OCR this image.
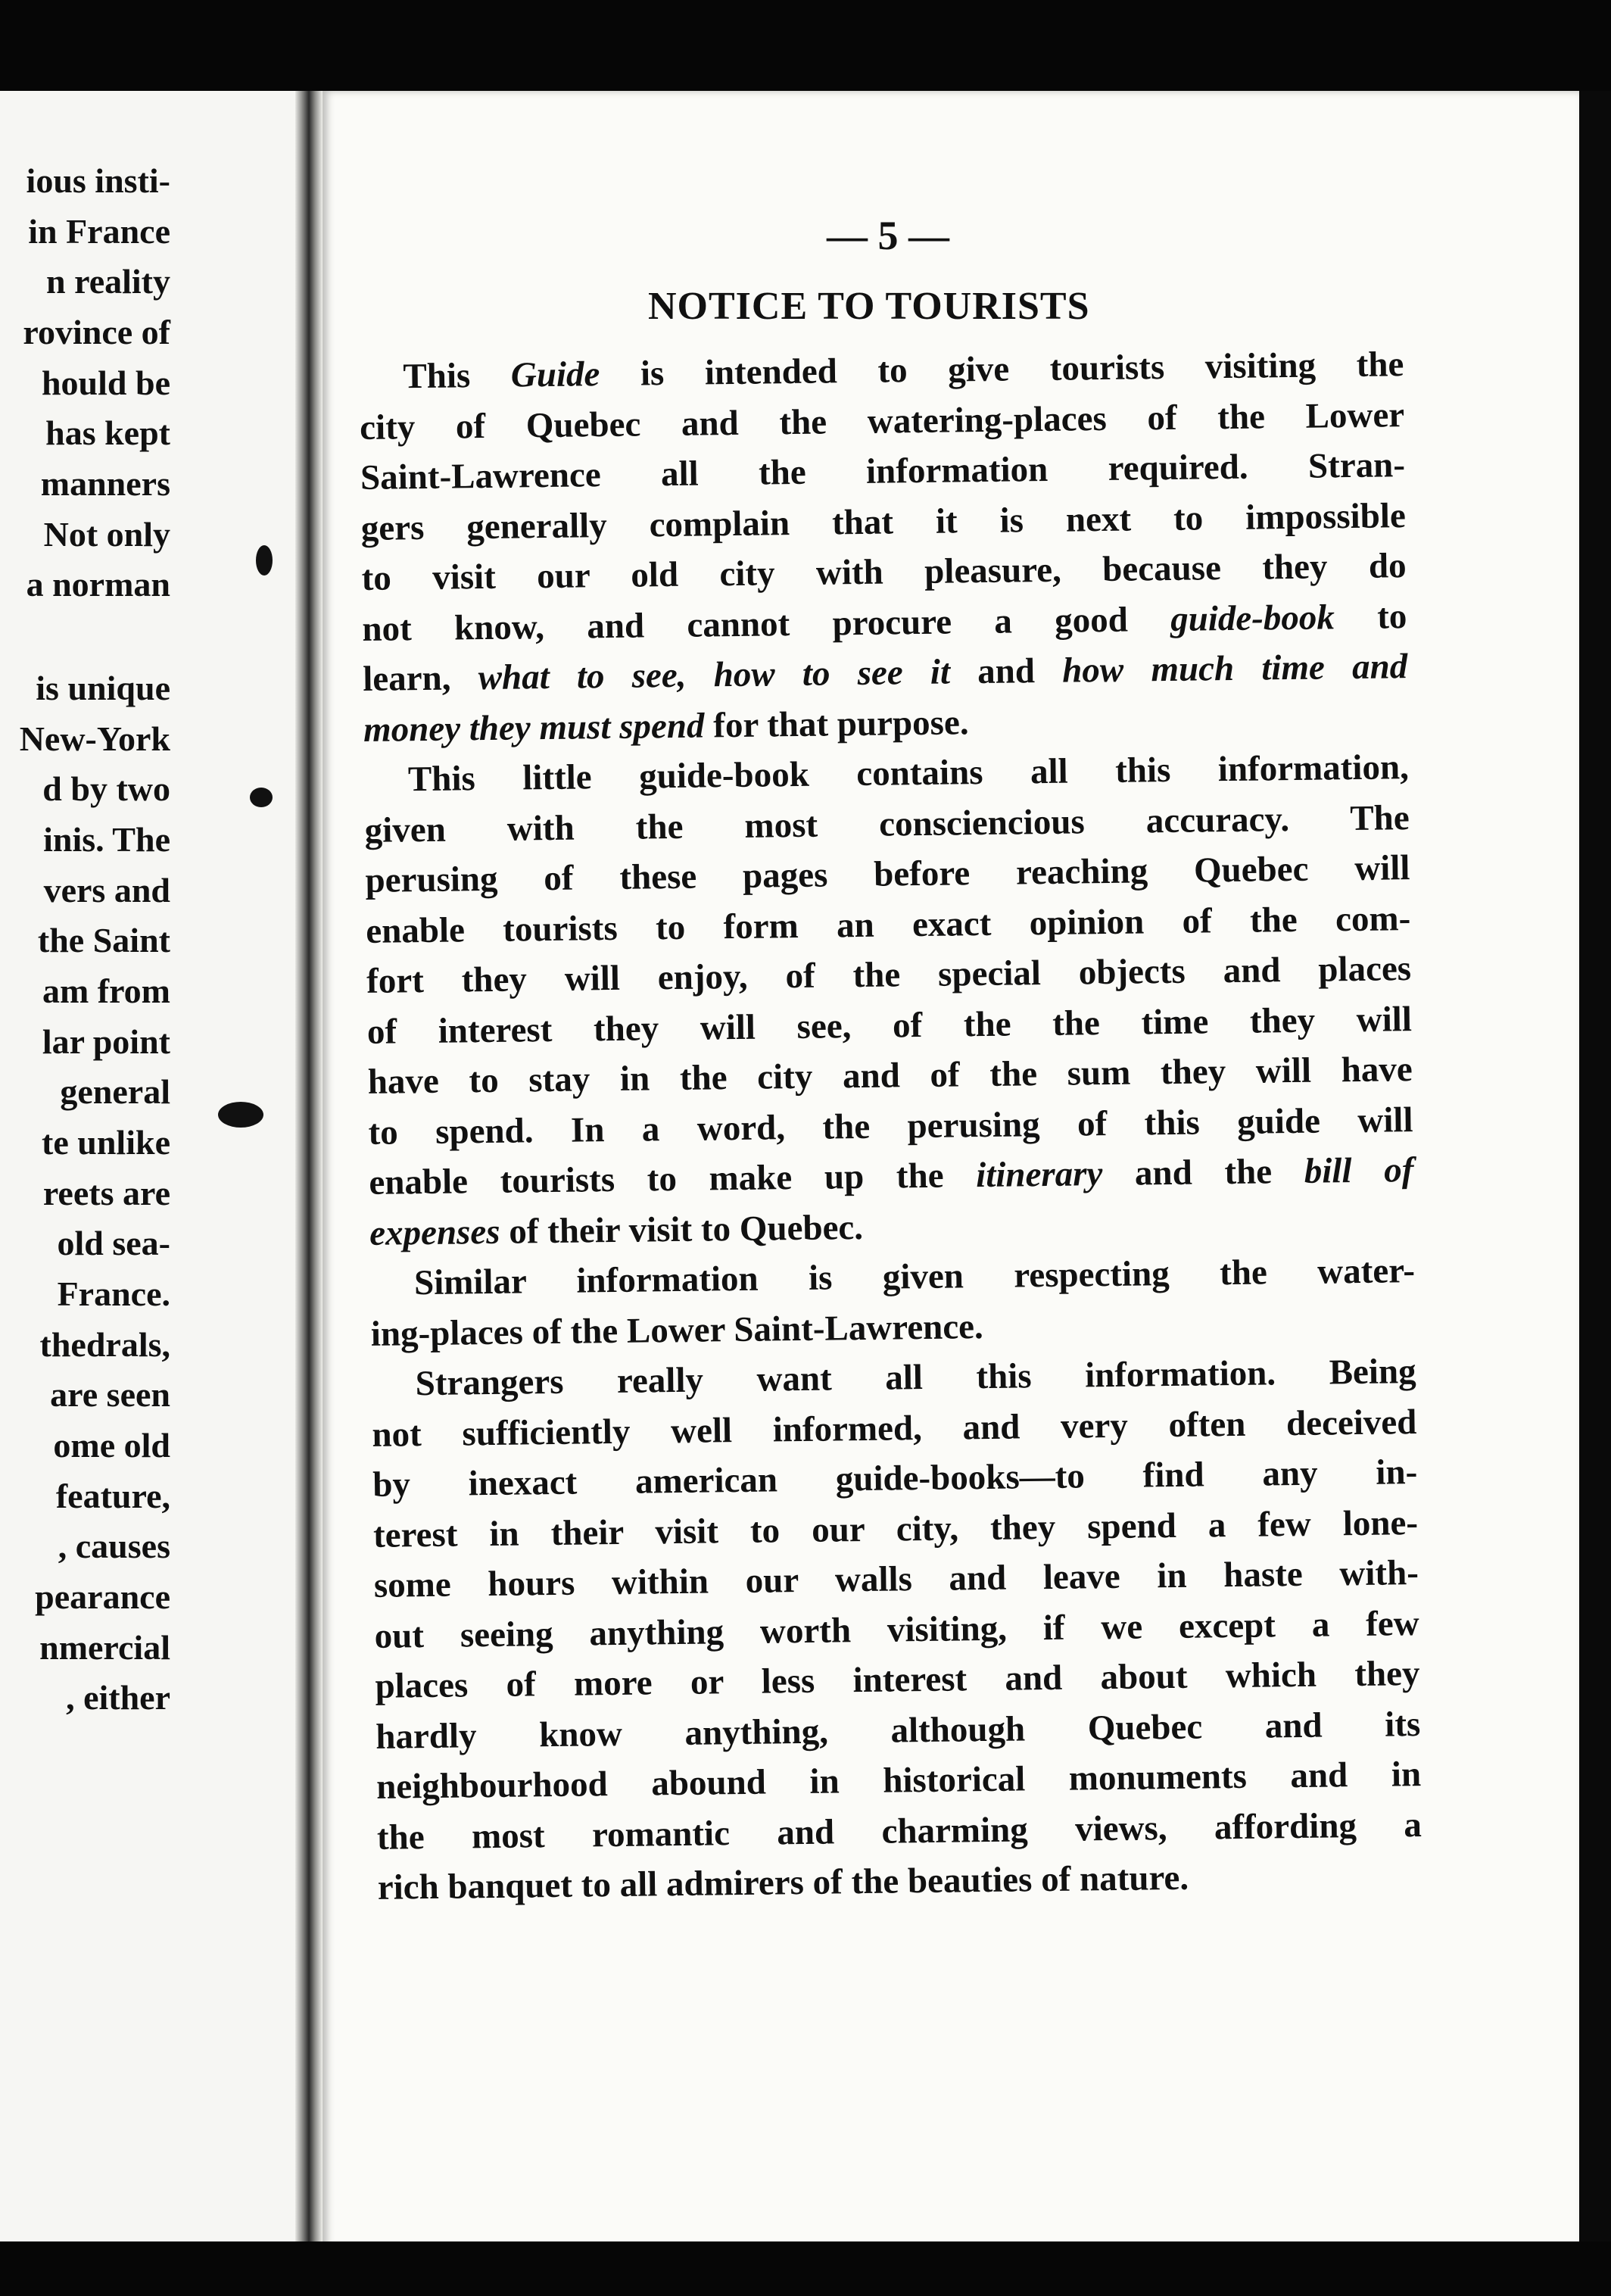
ious insti-
in France
n reality
rovince of
hould be
has kept
manners
Not only
a norman
is unique
New-York
d by two
inis. The
vers and
the Saint
am from
lar point
general
te unlike
reets are
old sea-
France.
thedrals,
are seen
ome old
feature,
, causes
pearance
nmercial
, either
— 5 —
NOTICE TO TOURISTS
This Guide is intended to give tourists visiting the
city of Quebec and the watering-places of the Lower
Saint-Lawrence all the information required. Stran-
gers generally complain that it is next to impossible
to visit our old city with pleasure, because they do
not know, and cannot procure a good guide-book to
learn, what to see, how to see it and how much time and
money they must spend for that purpose.
This little guide-book contains all this information,
given with the most consciencious accuracy. The
perusing of these pages before reaching Quebec will
enable tourists to form an exact opinion of the com-
fort they will enjoy, of the special objects and places
of interest they will see, of the the time they will
have to stay in the city and of the sum they will have
to spend. In a word, the perusing of this guide will
enable tourists to make up the itinerary and the bill of
expenses of their visit to Quebec.
Similar information is given respecting the water-
ing-places of the Lower Saint-Lawrence.
Strangers really want all this information. Being
not sufficiently well informed, and very often deceived
by inexact american guide-books—to find any in-
terest in their visit to our city, they spend a few lone-
some hours within our walls and leave in haste with-
out seeing anything worth visiting, if we except a few
places of more or less interest and about which they
hardly know anything, although Quebec and its
neighbourhood abound in historical monuments and in
the most romantic and charming views, affording a
rich banquet to all admirers of the beauties of nature.
